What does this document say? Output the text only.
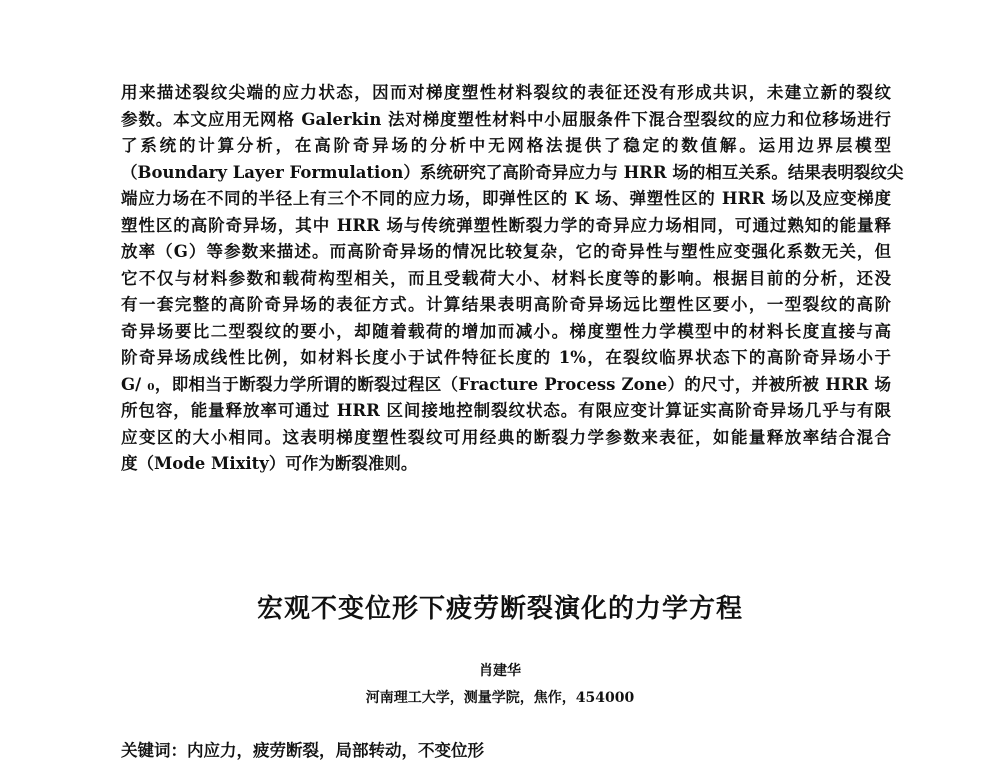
用来描述裂纹尖端的应力状态，因而对梯度塑性材料裂纹的表征还没有形成共识，未建立新的裂纹
参数。本文应用无网格 Galerkin 法对梯度塑性材料中小屈服条件下混合型裂纹的应力和位移场进行
了系统的计算分析，在高阶奇异场的分析中无网格法提供了稳定的数值解。运用边界层模型
（Boundary Layer Formulation）系统研究了高阶奇异应力与 HRR 场的相互关系。结果表明裂纹尖
端应力场在不同的半径上有三个不同的应力场，即弹性区的 K 场、弹塑性区的 HRR 场以及应变梯度
塑性区的高阶奇异场，其中 HRR 场与传统弹塑性断裂力学的奇异应力场相同，可通过熟知的能量释
放率（G）等参数来描述。而高阶奇异场的情况比较复杂，它的奇异性与塑性应变强化系数无关，但
它不仅与材料参数和载荷构型相关，而且受载荷大小、材料长度等的影响。根据目前的分析，还没
有一套完整的高阶奇异场的表征方式。计算结果表明高阶奇异场远比塑性区要小，一型裂纹的高阶
奇异场要比二型裂纹的要小，却随着载荷的增加而减小。梯度塑性力学模型中的材料长度直接与高
阶奇异场成线性比例，如材料长度小于试件特征长度的 1%，在裂纹临界状态下的高阶奇异场小于
G/ ₀，即相当于断裂力学所谓的断裂过程区（Fracture Process Zone）的尺寸，并被所被 HRR 场
所包容，能量释放率可通过 HRR 区间接地控制裂纹状态。有限应变计算证实高阶奇异场几乎与有限
应变区的大小相同。这表明梯度塑性裂纹可用经典的断裂力学参数来表征，如能量释放率结合混合
度（Mode Mixity）可作为断裂准则。
宏观不变位形下疲劳断裂演化的力学方程

肖建华

河南理工大学，测量学院，焦作，454000

关键词：内应力，疲劳断裂，局部转动，不变位形
